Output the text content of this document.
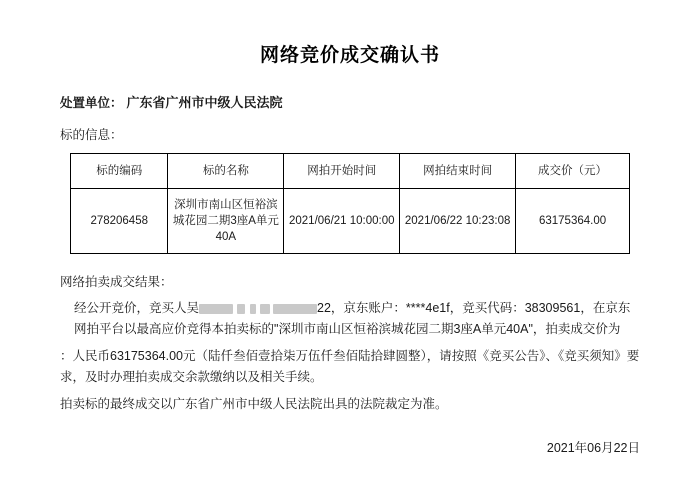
网络竞价成交确认书
处置单位： 广东省广州市中级人民法院
标的信息：
标的编码	标的名称	网拍开始时间	网拍结束时间	成交价（元）
278206458	深圳市南山区恒裕滨城花园二期3座A单元40A	2021/06/21 10:00:00	2021/06/22 10:23:08	63175364.00
网络拍卖成交结果：

经公开竞价，竞买人吴	22，京东账户：****4e1f，竞买代码：38309561，在京东网拍平台以最高应价竞得本拍卖标的"深圳市南山区恒裕滨城花园二期3座A单元40A"，拍卖成交价为

：人民币63175364.00元（陆仟叁佰壹拾柒万伍仟叁佰陆拾肆圆整），请按照《竞买公告》、《竞买须知》要求，及时办理拍卖成交余款缴纳以及相关手续。

拍卖标的最终成交以广东省广州市中级人民法院出具的法院裁定为准。

2021年06月22日
